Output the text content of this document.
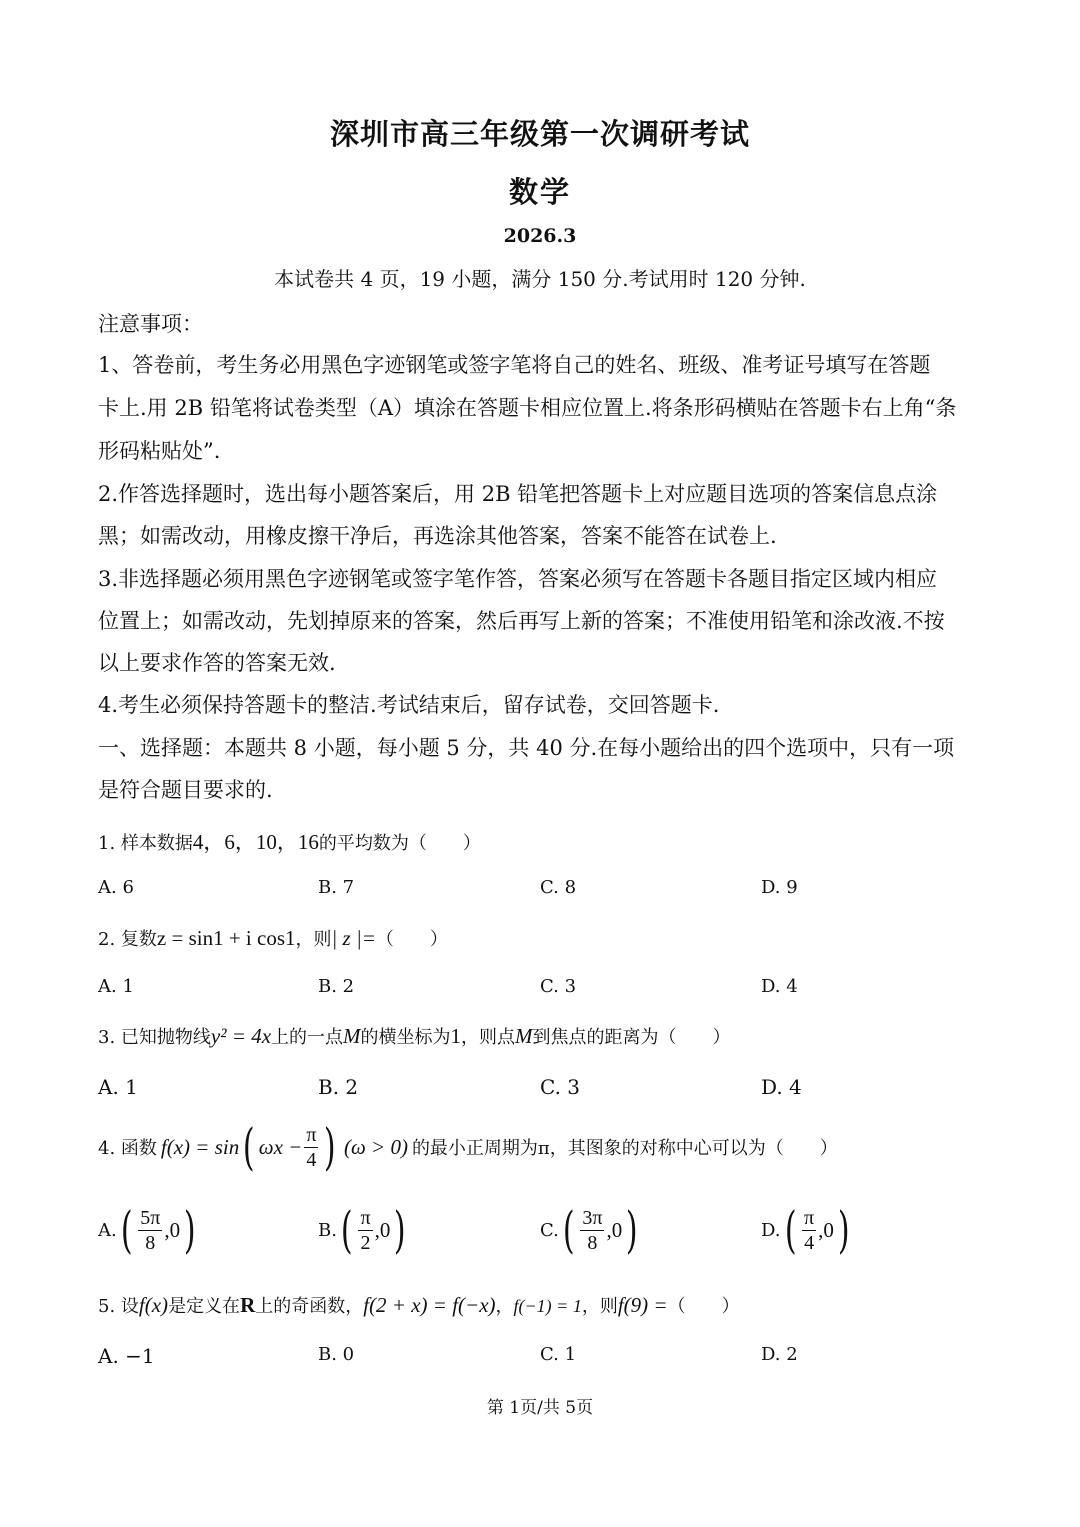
深圳市高三年级第一次调研考试
数学
2026.3
本试卷共 4 页，19 小题，满分 150 分.考试用时 120 分钟.
注意事项：
1、答卷前，考生务必用黑色字迹钢笔或签字笔将自己的姓名、班级、准考证号填写在答题
卡上.用 2B 铅笔将试卷类型（A）填涂在答题卡相应位置上.将条形码横贴在答题卡右上角“条
形码粘贴处”.
2.作答选择题时，选出每小题答案后，用 2B 铅笔把答题卡上对应题目选项的答案信息点涂
黑；如需改动，用橡皮擦干净后，再选涂其他答案，答案不能答在试卷上.
3.非选择题必须用黑色字迹钢笔或签字笔作答，答案必须写在答题卡各题目指定区域内相应
位置上；如需改动，先划掉原来的答案，然后再写上新的答案；不准使用铅笔和涂改液.不按
以上要求作答的答案无效.
4.考生必须保持答题卡的整洁.考试结束后，留存试卷，交回答题卡.
一、选择题：本题共 8 小题，每小题 5 分，共 40 分.在每小题给出的四个选项中，只有一项
是符合题目要求的.
1. 样本数据4，6，10，16的平均数为（　　）
A. 6	B. 7	C. 8	D. 9
2. 复数z = sin1 + i cos1，则| z |=（　　）
A. 1	B. 2	C. 3	D. 4
3. 已知抛物线y² = 4x上的一点M的横坐标为1，则点M到焦点的距离为（　　）
A. 1	B. 2	C. 3	D. 4
4. 函数 f(x) = sin ( $\omega x - \frac{\pi}{4}$ ) (ω > 0) 的最小正周期为π，其图象的对称中心可以为（　　）
A. ( $\frac{5\pi}{8} ,0$ )	B. ( $\frac{\pi}{2} ,0$ )	C. ( $\frac{3\pi}{8} ,0$ )	D. ( $\frac{\pi}{4} ,0$ )
5. 设f(x)是定义在R上的奇函数，f(2 + x) = f(−x)，f(−1) = 1，则f(9) =（　　）
A. −1	B. 0	C. 1	D. 2
第 1页/共 5页
